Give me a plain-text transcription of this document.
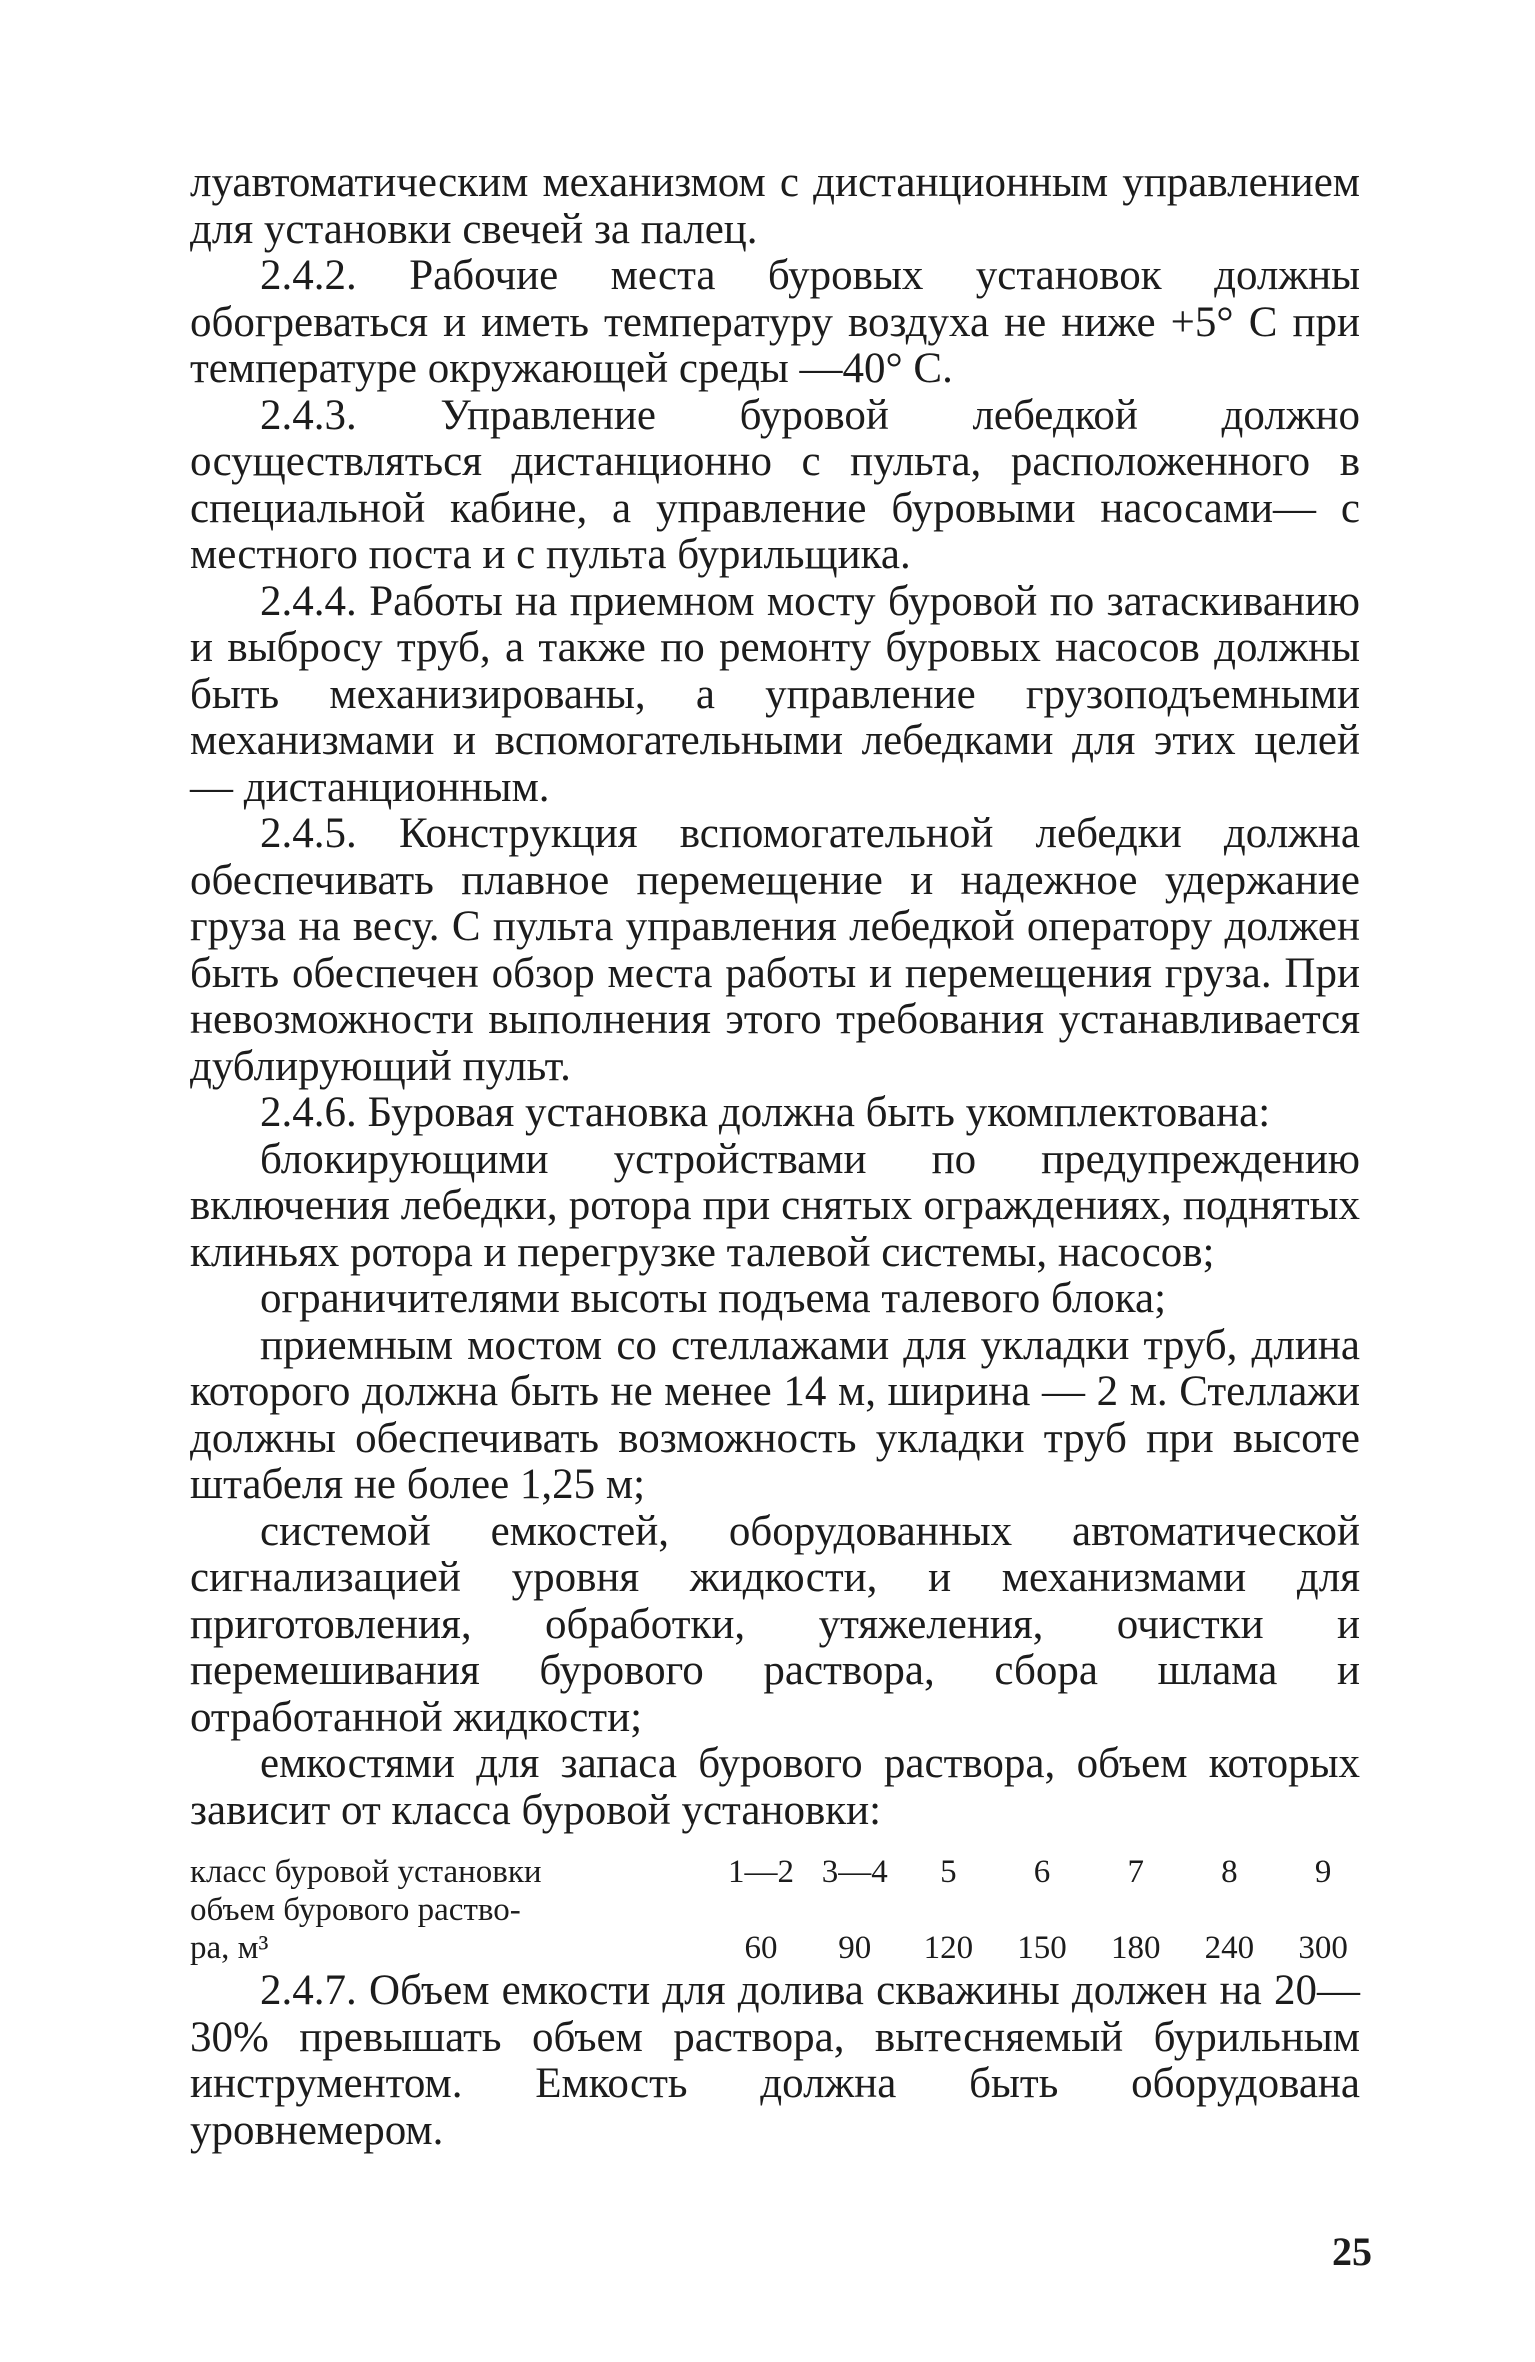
луавтоматическим механизмом с дистанционным управлением для установки свечей за палец.

2.4.2. Рабочие места буровых установок должны обогреваться и иметь температуру воздуха не ниже +5° С при температуре окружающей среды —40° С.

2.4.3. Управление буровой лебедкой должно осуществляться дистанционно с пульта, расположенного в специальной кабине, а управление буровыми насосами— с местного поста и с пульта бурильщика.

2.4.4. Работы на приемном мосту буровой по затаскиванию и выбросу труб, а также по ремонту буровых насосов должны быть механизированы, а управление грузоподъемными механизмами и вспомогательными лебедками для этих целей — дистанционным.

2.4.5. Конструкция вспомогательной лебедки должна обеспечивать плавное перемещение и надежное удержание груза на весу. С пульта управления лебедкой оператору должен быть обеспечен обзор места работы и перемещения груза. При невозможности выполнения этого требования устанавливается дублирующий пульт.

2.4.6. Буровая установка должна быть укомплектована:

блокирующими устройствами по предупреждению включения лебедки, ротора при снятых ограждениях, поднятых клиньях ротора и перегрузке талевой системы, насосов;

ограничителями высоты подъема талевого блока;

приемным мостом со стеллажами для укладки труб, длина которого должна быть не менее 14 м, ширина — 2 м. Стеллажи должны обеспечивать возможность укладки труб при высоте штабеля не более 1,25 м;

системой емкостей, оборудованных автоматической сигнализацией уровня жидкости, и механизмами для приготовления, обработки, утяжеления, очистки и перемешивания бурового раствора, сбора шлама и отработанной жидкости;

емкостями для запаса бурового раствора, объем которых зависит от класса буровой установки:

класс буровой установки	1—2	3—4	5	6	7	8	9
объем бурового раство-							
ра, м³	60	90	120	150	180	240	300

2.4.7. Объем емкости для долива скважины должен на 20—30% превышать объем раствора, вытесняемый бурильным инструментом. Емкость должна быть оборудована уровнемером.

25
